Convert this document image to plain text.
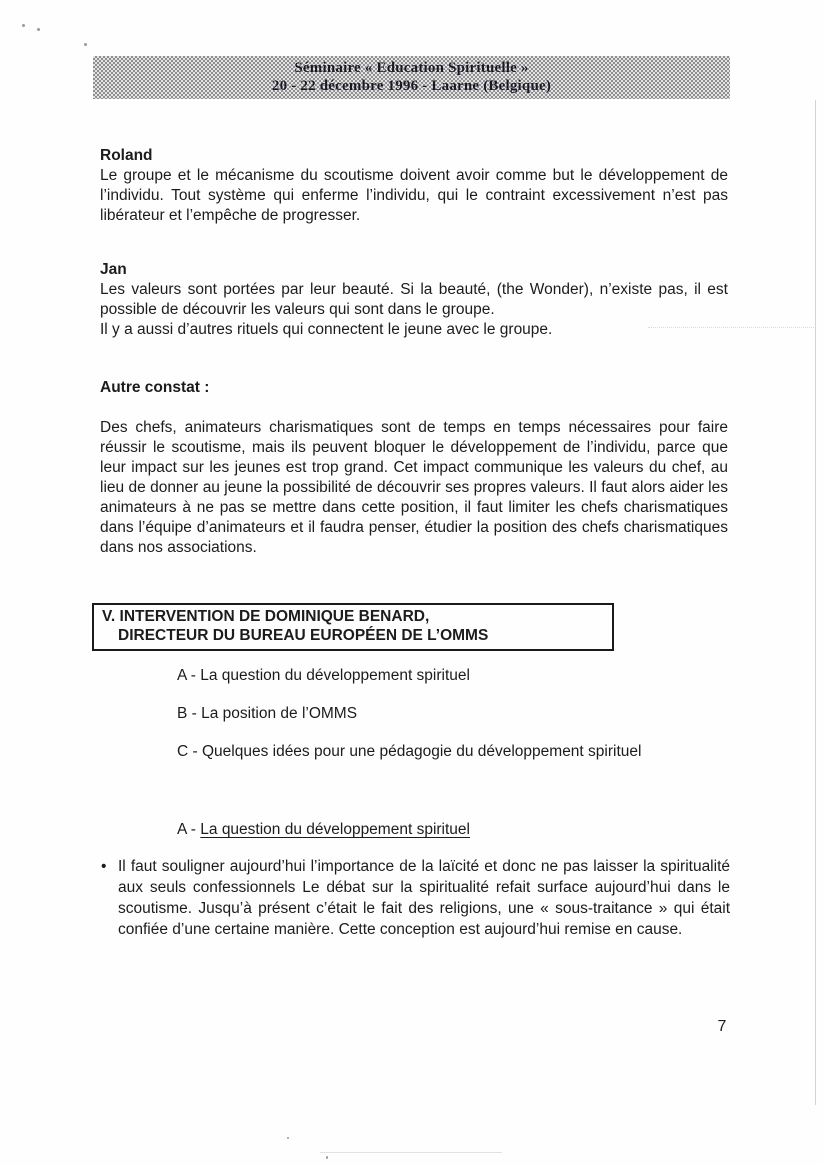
Séminaire « Education Spirituelle »
20 - 22 décembre 1996 - Laarne (Belgique)

Roland

Le groupe et le mécanisme du scoutisme doivent avoir comme but le développement de l’individu. Tout système qui enferme l’individu, qui le contraint excessivement n’est pas libérateur et l’empêche de progresser.

Jan

Les valeurs sont portées par leur beauté. Si la beauté, (the Wonder), n’existe pas, il est possible de découvrir les valeurs qui sont dans le groupe.

Il y a aussi d’autres rituels qui connectent le jeune avec le groupe.

Autre constat :

Des chefs, animateurs charismatiques sont de temps en temps nécessaires pour faire réussir le scoutisme, mais ils peuvent bloquer le développement de l’individu, parce que leur impact sur les jeunes est trop grand. Cet impact communique les valeurs du chef, au lieu de donner au jeune la possibilité de découvrir ses propres valeurs. Il faut alors aider les animateurs à ne pas se mettre dans cette position, il faut limiter les chefs charismatiques dans l’équipe d’animateurs et il faudra penser, étudier la position des chefs charismatiques dans nos associations.

V. INTERVENTION DE DOMINIQUE BENARD,
DIRECTEUR DU BUREAU EUROPÉEN DE L’OMMS
A - La question du développement spirituel
B - La position de l’OMMS
C - Quelques idées pour une pédagogie du développement spirituel
A - La question du développement spirituel
• Il faut souligner aujourd’hui l’importance de la laïcité et donc ne pas laisser la spiritualité aux seuls confessionnels Le débat sur la spiritualité refait surface aujourd’hui dans le scoutisme. Jusqu’à présent c’était le fait des religions, une « sous-traitance » qui était confiée d’une certaine manière. Cette conception est aujourd’hui remise en cause.

7
